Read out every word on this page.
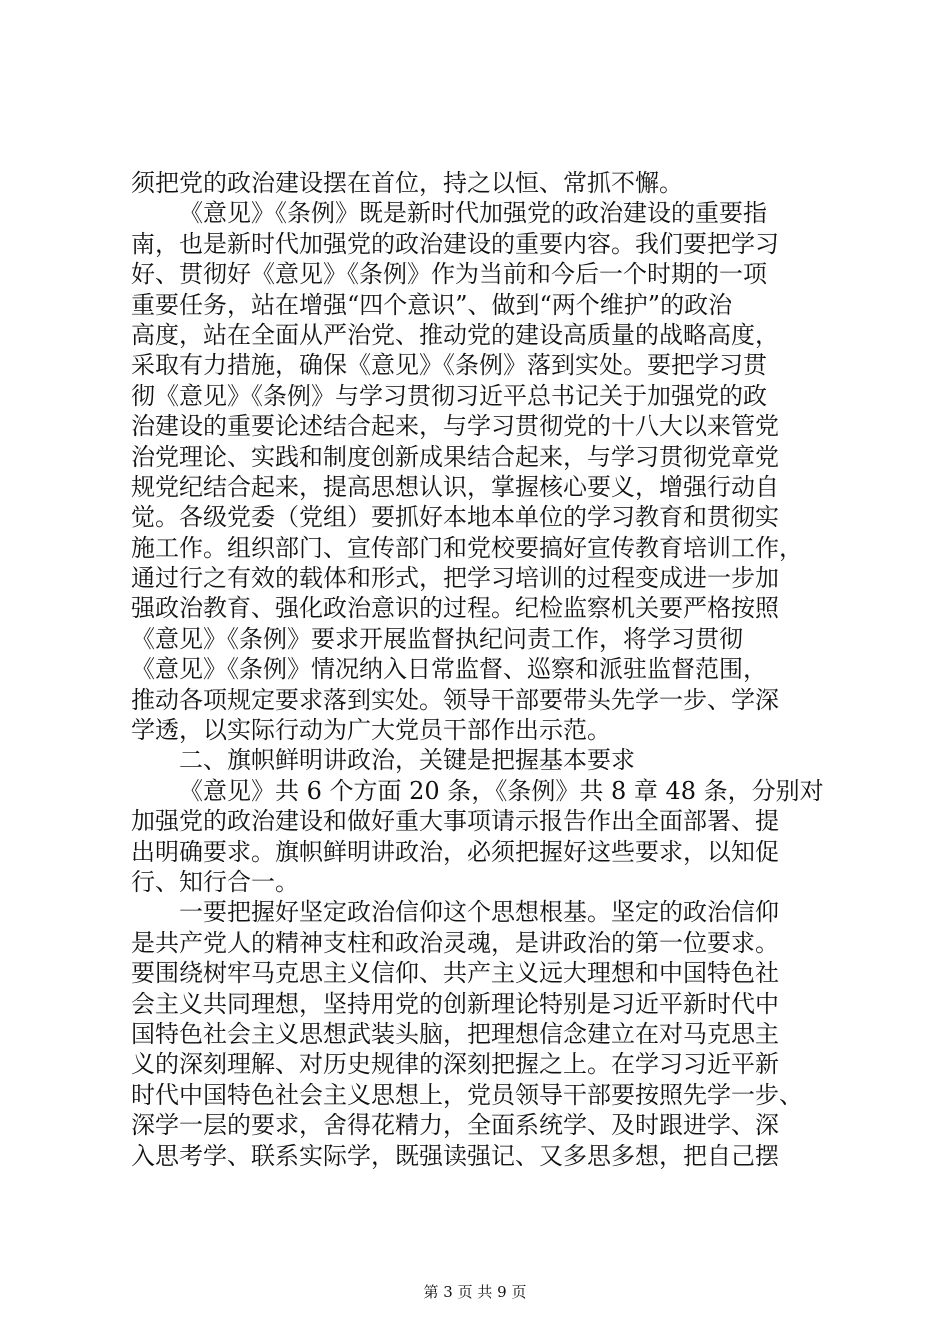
须把党的政治建设摆在首位，持之以恒、常抓不懈。
《意见》《条例》既是新时代加强党的政治建设的重要指
南，也是新时代加强党的政治建设的重要内容。我们要把学习
好、贯彻好《意见》《条例》作为当前和今后一个时期的一项
重要任务，站在增强“四个意识”、做到“两个维护”的政治
高度，站在全面从严治党、推动党的建设高质量的战略高度，
采取有力措施，确保《意见》《条例》落到实处。要把学习贯
彻《意见》《条例》与学习贯彻习近平总书记关于加强党的政
治建设的重要论述结合起来，与学习贯彻党的十八大以来管党
治党理论、实践和制度创新成果结合起来，与学习贯彻党章党
规党纪结合起来，提高思想认识，掌握核心要义，增强行动自
觉。各级党委（党组）要抓好本地本单位的学习教育和贯彻实
施工作。组织部门、宣传部门和党校要搞好宣传教育培训工作，
通过行之有效的载体和形式，把学习培训的过程变成进一步加
强政治教育、强化政治意识的过程。纪检监察机关要严格按照
《意见》《条例》要求开展监督执纪问责工作，将学习贯彻
《意见》《条例》情况纳入日常监督、巡察和派驻监督范围，
推动各项规定要求落到实处。领导干部要带头先学一步、学深
学透，以实际行动为广大党员干部作出示范。
二、旗帜鲜明讲政治，关键是把握基本要求
《意见》共 6 个方面 20 条，《条例》共 8 章 48 条，分别对
加强党的政治建设和做好重大事项请示报告作出全面部署、提
出明确要求。旗帜鲜明讲政治，必须把握好这些要求，以知促
行、知行合一。
一要把握好坚定政治信仰这个思想根基。坚定的政治信仰
是共产党人的精神支柱和政治灵魂，是讲政治的第一位要求。
要围绕树牢马克思主义信仰、共产主义远大理想和中国特色社
会主义共同理想，坚持用党的创新理论特别是习近平新时代中
国特色社会主义思想武装头脑，把理想信念建立在对马克思主
义的深刻理解、对历史规律的深刻把握之上。在学习习近平新
时代中国特色社会主义思想上，党员领导干部要按照先学一步、
深学一层的要求，舍得花精力，全面系统学、及时跟进学、深
入思考学、联系实际学，既强读强记、又多思多想，把自己摆
第 3 页 共 9 页
